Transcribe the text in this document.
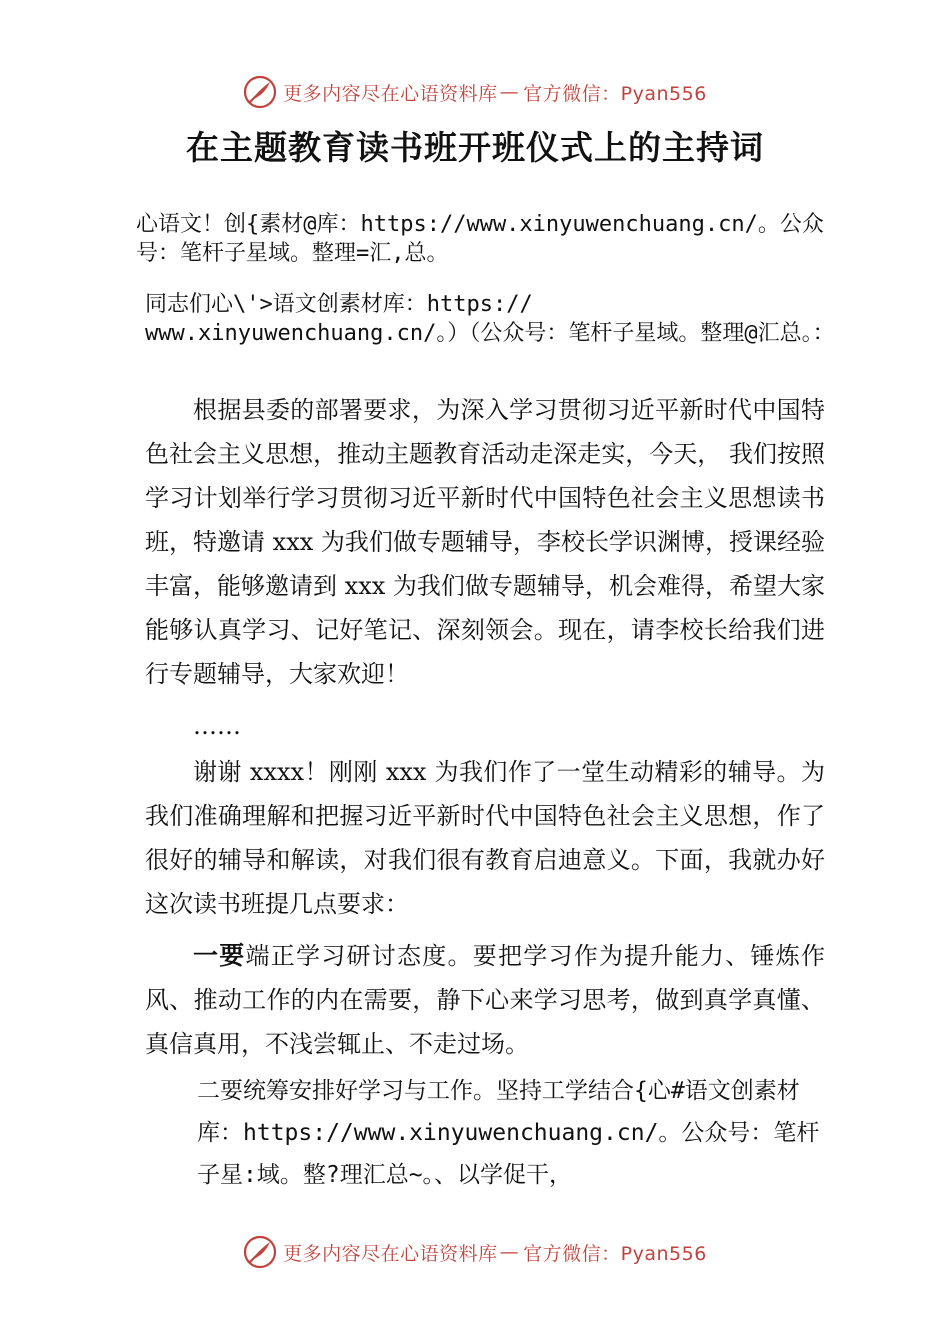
更多内容尽在心语资料库 — 官方微信：Pyan556
在主题教育读书班开班仪式上的主持词

心语文！创{素材@库：https://www.xinyuwenchuang.cn/。公众号：笔杆子星域。整理=汇,总。

同志们心\'>语文创素材库：https:// www.xinyuwenchuang.cn/。）（公众号：笔杆子星域。整理@汇总。：

根据县委的部署要求，为深入学习贯彻习近平新时代中国特色社会主义思想，推动主题教育活动走深走实，今天， 我们按照学习计划举行学习贯彻习近平新时代中国特色社会主义思想读书班，特邀请 xxx 为我们做专题辅导，李校长学识渊博，授课经验丰富，能够邀请到 xxx 为我们做专题辅导，机会难得，希望大家能够认真学习、记好笔记、深刻领会。现在，请李校长给我们进行专题辅导，大家欢迎！

……

谢谢 xxxx！刚刚 xxx 为我们作了一堂生动精彩的辅导。为我们准确理解和把握习近平新时代中国特色社会主义思想，作了很好的辅导和解读，对我们很有教育启迪意义。下面，我就办好这次读书班提几点要求：

一要端正学习研讨态度。要把学习作为提升能力、锤炼作风、推动工作的内在需要，静下心来学习思考，做到真学真懂、真信真用，不浅尝辄止、不走过场。

二要统筹安排好学习与工作。坚持工学结合{心#语文创素材库：https://www.xinyuwenchuang.cn/。公众号：笔杆子星:域。整?理汇总~。、以学促干，

更多内容尽在心语资料库 — 官方微信：Pyan556
